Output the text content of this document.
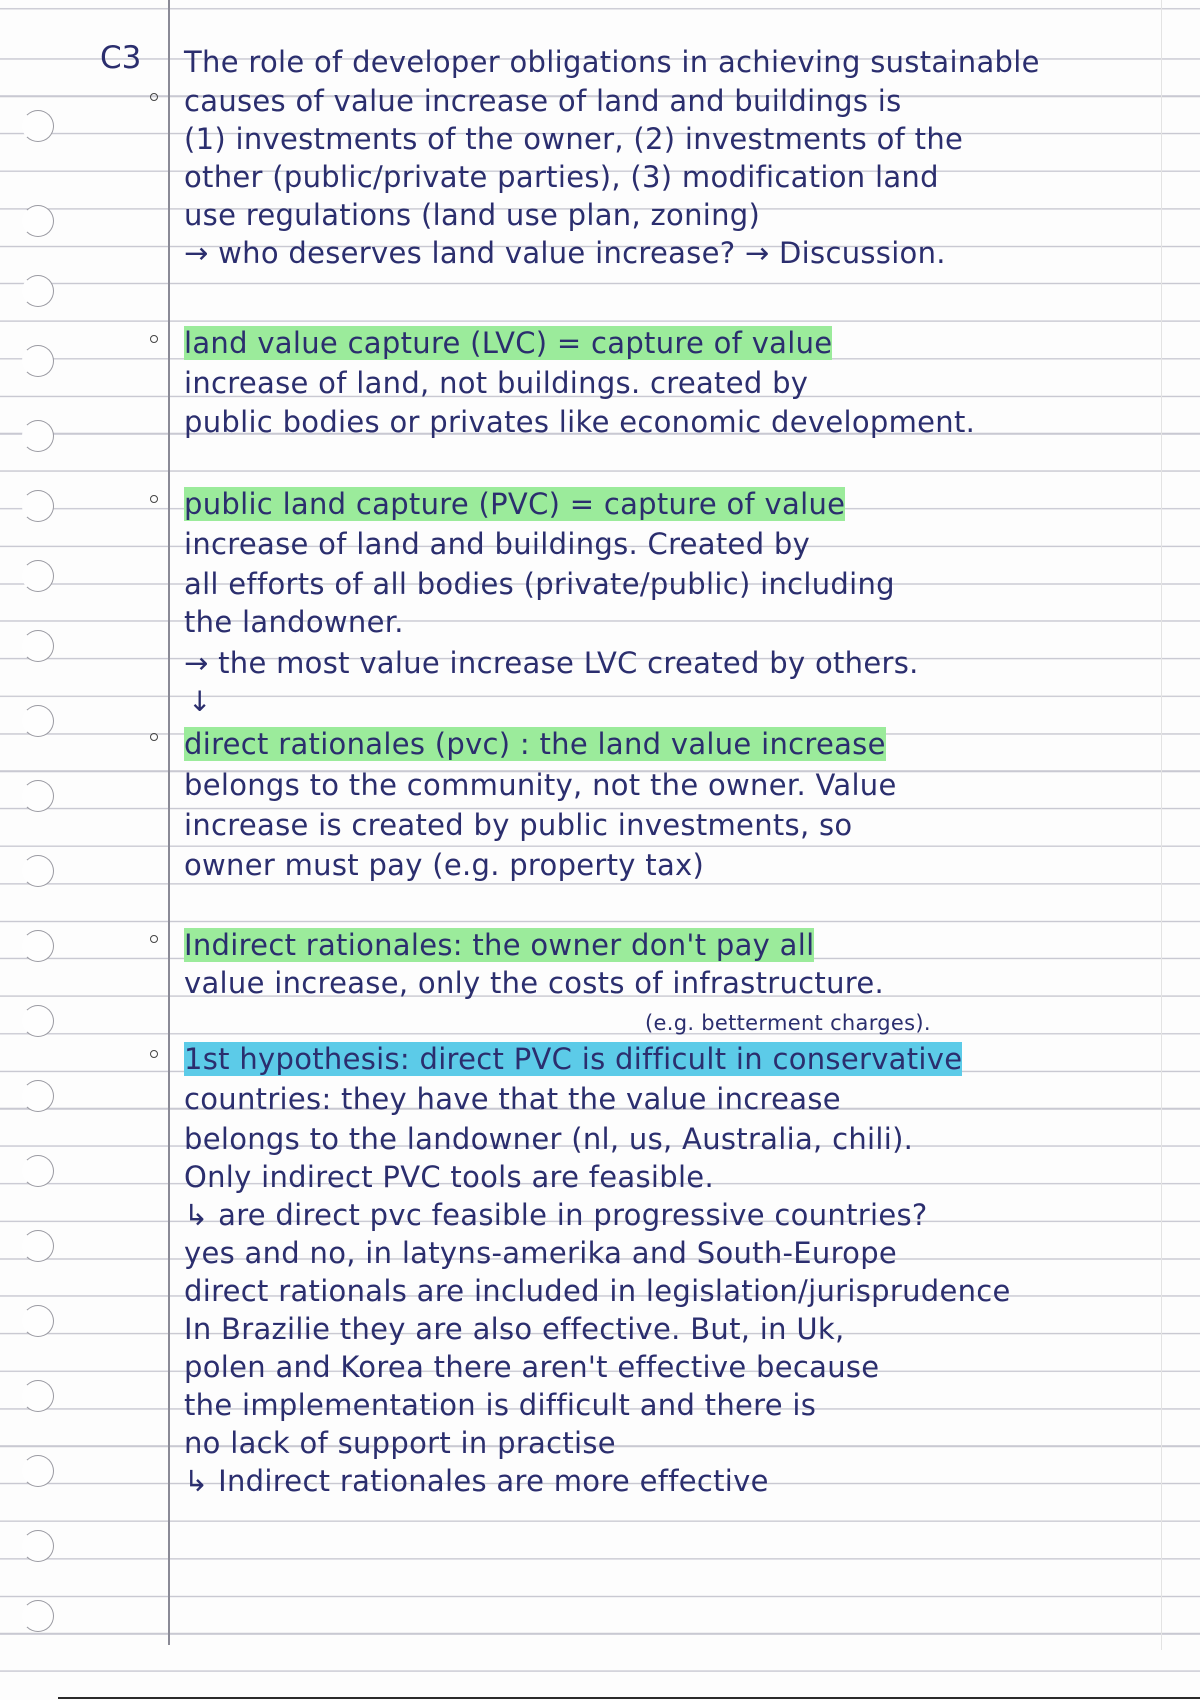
C3 The role of developer obligations in achieving sustainable

causes of value increase of land and buildings is

(1) investments of the owner, (2) investments of the

other (public/private parties), (3) modification land

use regulations (land use plan, zoning)

→ who deserves land value increase? → Discussion.

land value capture (LVC) = capture of value

increase of land, not buildings. created by

public bodies or privates like economic development.

public land capture (PVC) = capture of value

increase of land and buildings. Created by

all efforts of all bodies (private/public) including

the landowner.

→ the most value increase LVC created by others.

↓

direct rationales (pvc) : the land value increase

belongs to the community, not the owner. Value

increase is created by public investments, so

owner must pay (e.g. property tax)

Indirect rationales: the owner don't pay all

value increase, only the costs of infrastructure.

(e.g. betterment charges).

1st hypothesis: direct PVC is difficult in conservative

countries: they have that the value increase

belongs to the landowner (nl, us, Australia, chili).

Only indirect PVC tools are feasible.

↳ are direct pvc feasible in progressive countries?

yes and no, in latyns-amerika and South-Europe

direct rationals are included in legislation/jurisprudence

In Brazilie they are also effective. But, in Uk,

polen and Korea there aren't effective because

the implementation is difficult and there is

no lack of support in practise

↳ Indirect rationales are more effective
